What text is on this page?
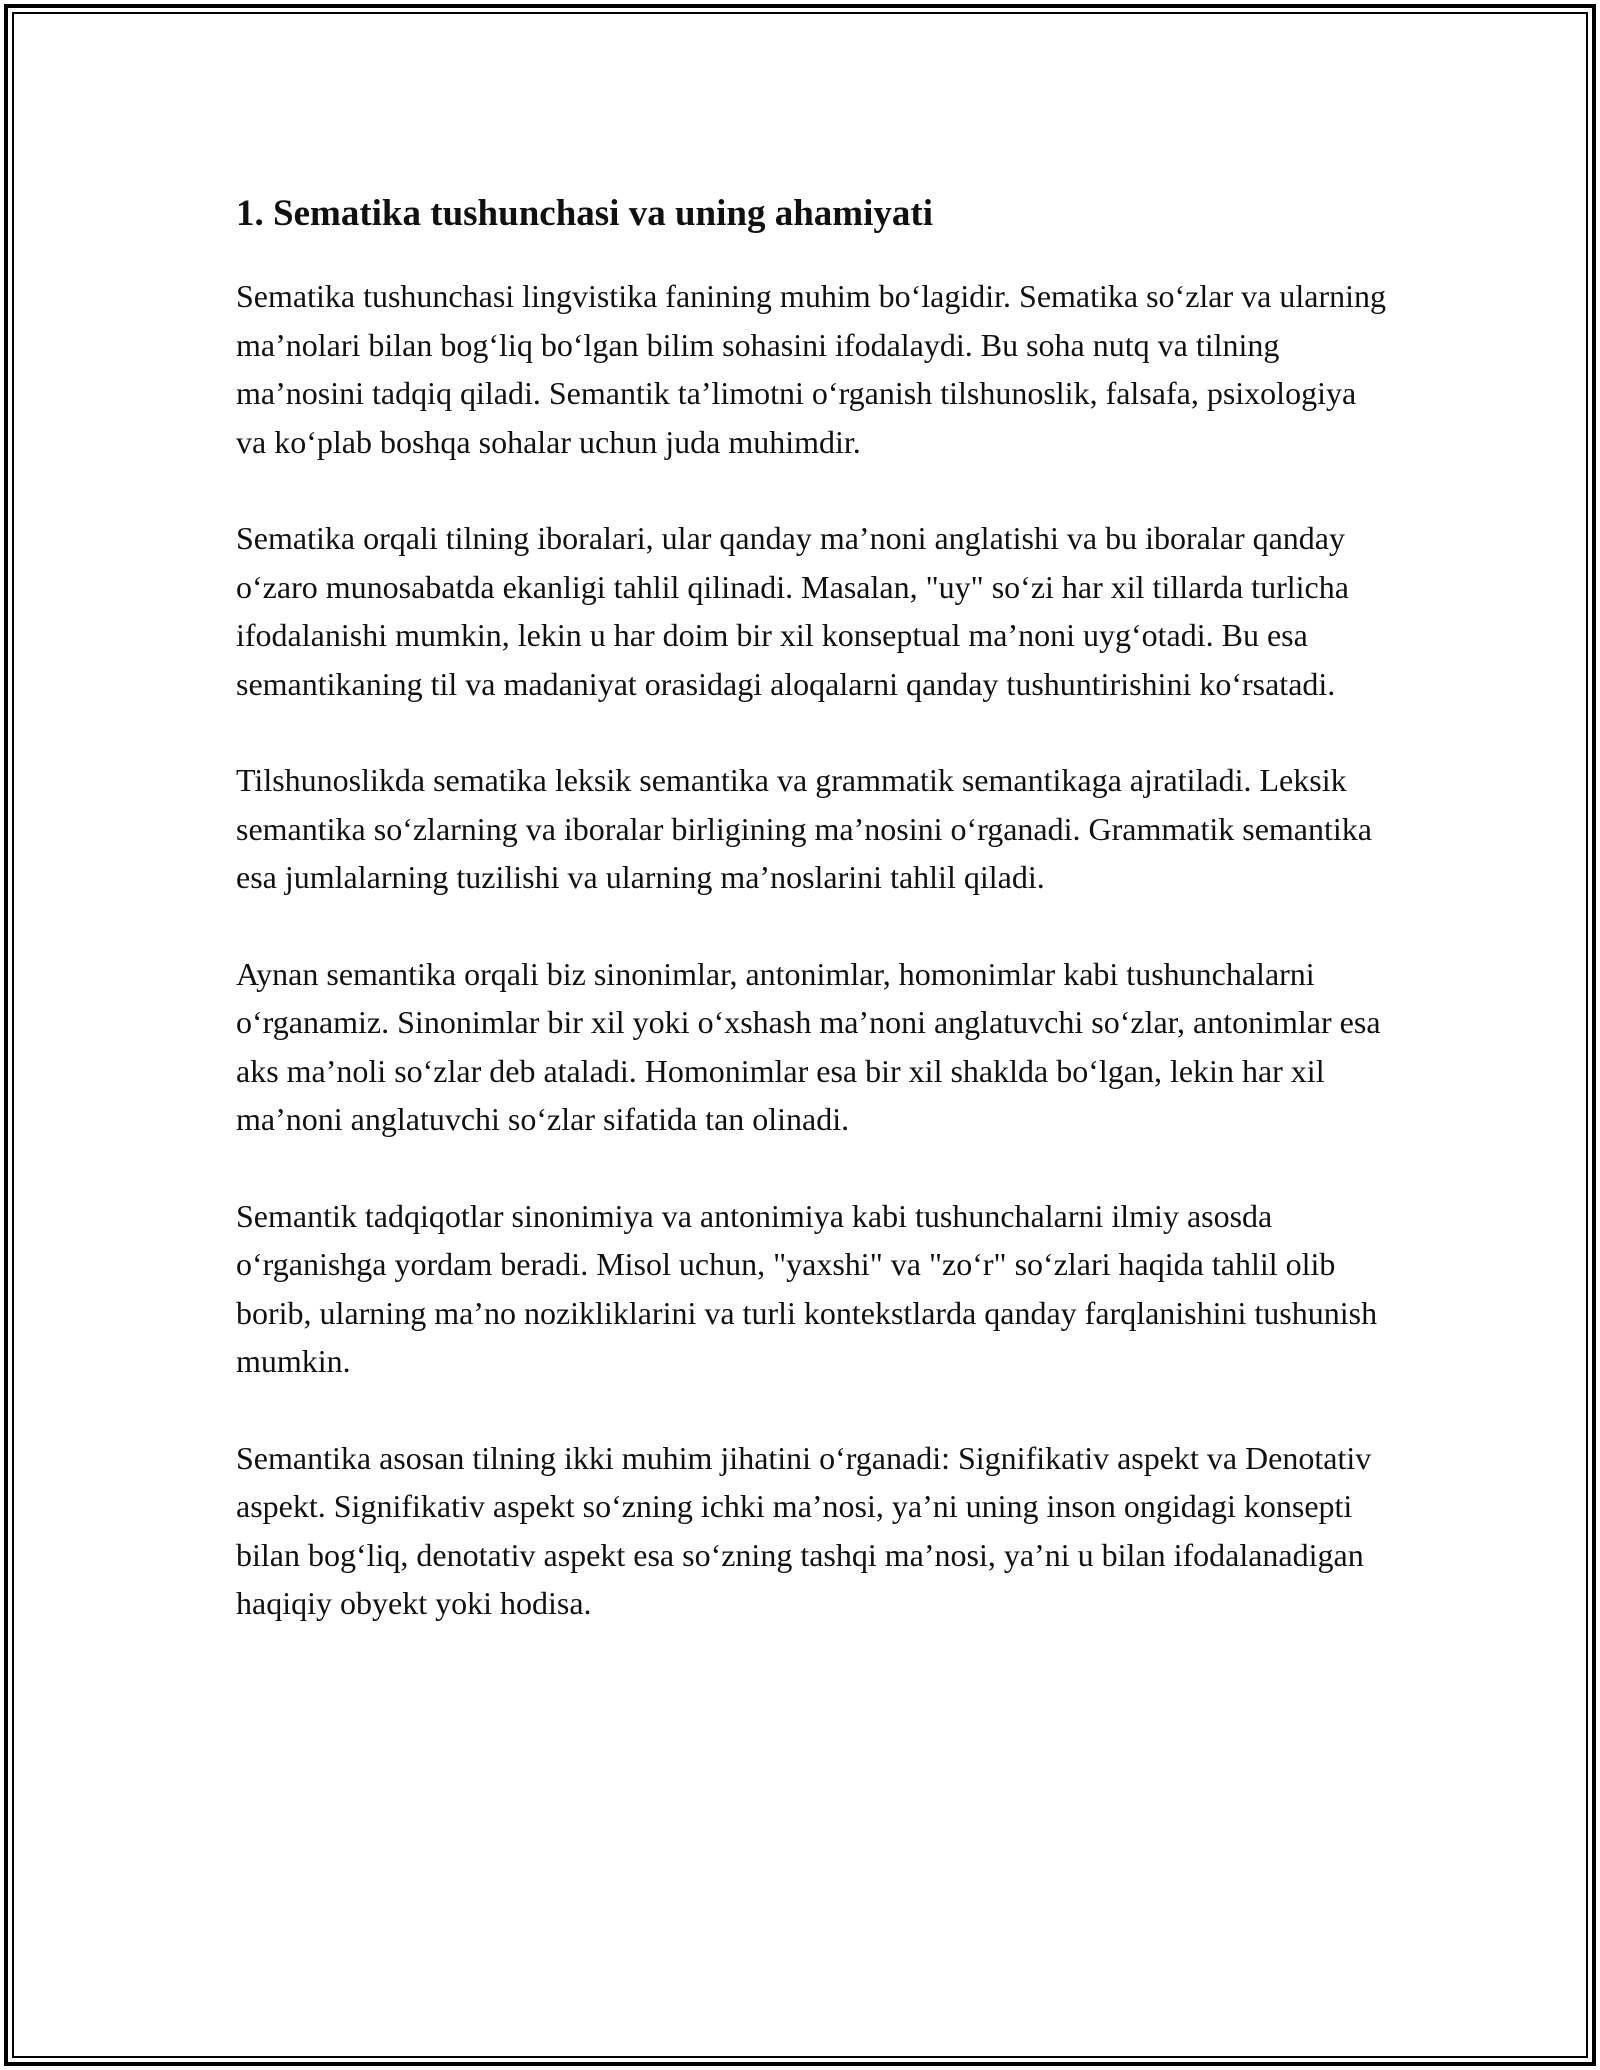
1. Sematika tushunchasi va uning ahamiyati

Sematika tushunchasi lingvistika fanining muhim bo‘lagidir. Sematika so‘zlar va ularning ma’nolari bilan bog‘liq bo‘lgan bilim sohasini ifodalaydi. Bu soha nutq va tilning ma’nosini tadqiq qiladi. Semantik ta’limotni o‘rganish tilshunoslik, falsafa, psixologiya va ko‘plab boshqa sohalar uchun juda muhimdir.

Sematika orqali tilning iboralari, ular qanday ma’noni anglatishi va bu iboralar qanday o‘zaro munosabatda ekanligi tahlil qilinadi. Masalan, "uy" so‘zi har xil tillarda turlicha ifodalanishi mumkin, lekin u har doim bir xil konseptual ma’noni uyg‘otadi. Bu esa semantikaning til va madaniyat orasidagi aloqalarni qanday tushuntirishini ko‘rsatadi.

Tilshunoslikda sematika leksik semantika va grammatik semantikaga ajratiladi. Leksik semantika so‘zlarning va iboralar birligining ma’nosini o‘rganadi. Grammatik semantika esa jumlalarning tuzilishi va ularning ma’noslarini tahlil qiladi.

Aynan semantika orqali biz sinonimlar, antonimlar, homonimlar kabi tushunchalarni o‘rganamiz. Sinonimlar bir xil yoki o‘xshash ma’noni anglatuvchi so‘zlar, antonimlar esa aks ma’noli so‘zlar deb ataladi. Homonimlar esa bir xil shaklda bo‘lgan, lekin har xil ma’noni anglatuvchi so‘zlar sifatida tan olinadi.

Semantik tadqiqotlar sinonimiya va antonimiya kabi tushunchalarni ilmiy asosda o‘rganishga yordam beradi. Misol uchun, "yaxshi" va "zo‘r" so‘zlari haqida tahlil olib borib, ularning ma’no nozikliklarini va turli kontekstlarda qanday farqlanishini tushunish mumkin.

Semantika asosan tilning ikki muhim jihatini o‘rganadi: Signifikativ aspekt va Denotativ aspekt. Signifikativ aspekt so‘zning ichki ma’nosi, ya’ni uning inson ongidagi konsepti bilan bog‘liq, denotativ aspekt esa so‘zning tashqi ma’nosi, ya’ni u bilan ifodalanadigan haqiqiy obyekt yoki hodisa.
